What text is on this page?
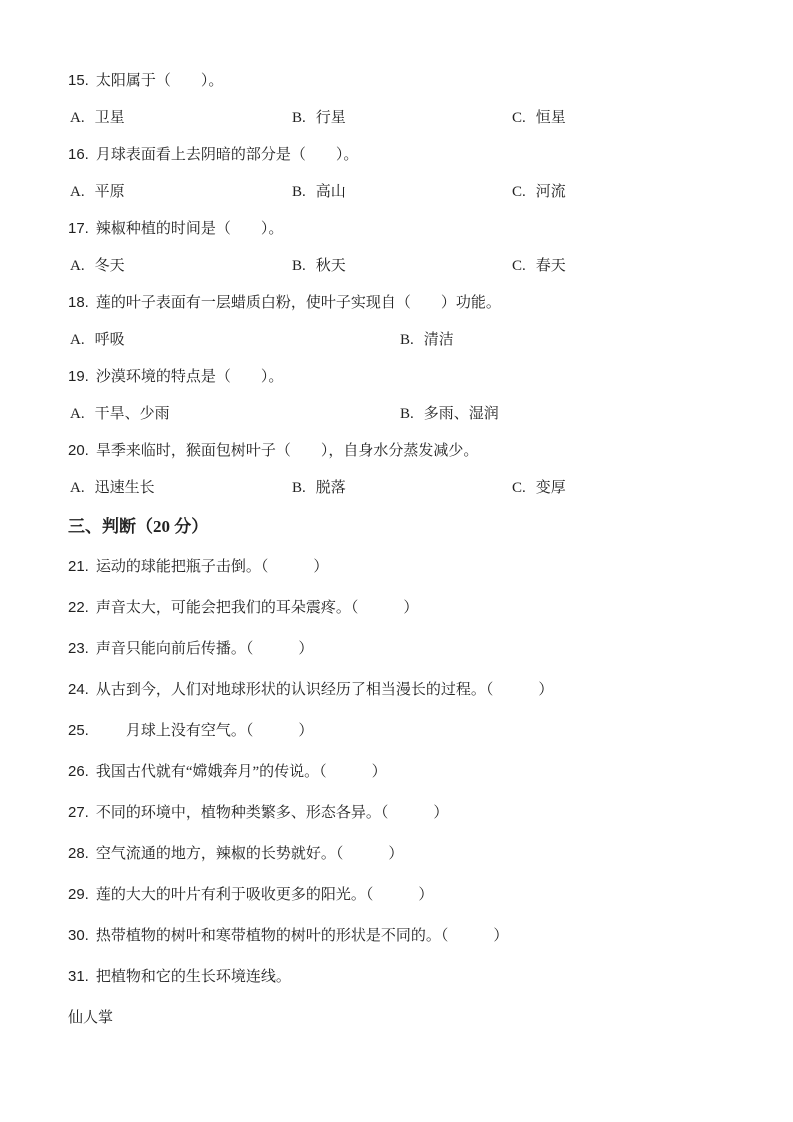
15. 太阳属于（　　）。

A. 卫星	B. 行星	C. 恒星

16. 月球表面看上去阴暗的部分是（　　）。

A. 平原	B. 高山	C. 河流

17. 辣椒种植的时间是（　　）。

A. 冬天	B. 秋天	C. 春天

18. 莲的叶子表面有一层蜡质白粉，使叶子实现自（　　）功能。

A. 呼吸	B. 清洁

19. 沙漠环境的特点是（　　）。

A. 干旱、少雨	B. 多雨、湿润

20. 旱季来临时，猴面包树叶子（　　），自身水分蒸发减少。

A. 迅速生长	B. 脱落	C. 变厚
三、判断（20 分）

21. 运动的球能把瓶子击倒。（　　　）

22. 声音太大，可能会把我们的耳朵震疼。（　　　）

23. 声音只能向前后传播。（　　　）

24. 从古到今，人们对地球形状的认识经历了相当漫长的过程。（　　　）

25.　　月球上没有空气。（　　　）

26. 我国古代就有“嫦娥奔月”的传说。（　　　）

27. 不同的环境中，植物种类繁多、形态各异。（　　　）

28. 空气流通的地方，辣椒的长势就好。（　　　）

29. 莲的大大的叶片有利于吸收更多的阳光。（　　　）

30. 热带植物的树叶和寒带植物的树叶的形状是不同的。（　　　）

31. 把植物和它的生长环境连线。

仙人掌
